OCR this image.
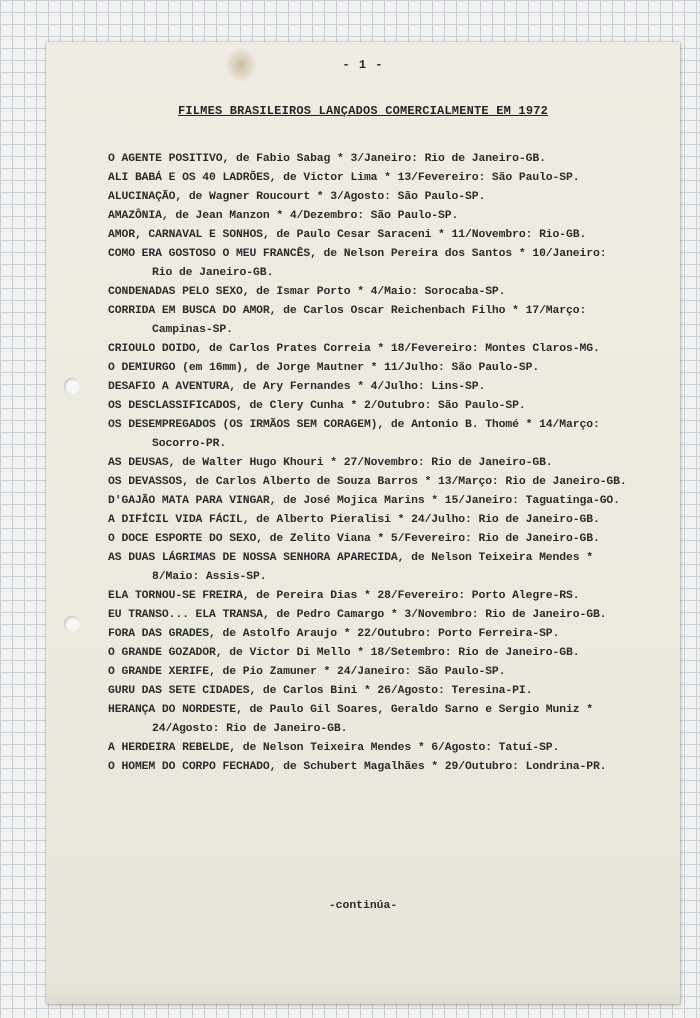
- 1 -
FILMES BRASILEIROS LANÇADOS COMERCIALMENTE EM 1972
O AGENTE POSITIVO, de Fabio Sabag * 3/Janeiro: Rio de Janeiro-GB.
ALI BABÁ E OS 40 LADRÕES, de Victor Lima * 13/Fevereiro: São Paulo-SP.
ALUCINAÇÃO, de Wagner Roucourt * 3/Agosto: São Paulo-SP.
AMAZÔNIA, de Jean Manzon * 4/Dezembro: São Paulo-SP.
AMOR, CARNAVAL E SONHOS, de Paulo Cesar Saraceni * 11/Novembro: Rio-GB.
COMO ERA GOSTOSO O MEU FRANCÊS, de Nelson Pereira dos Santos * 10/Janeiro:
Rio de Janeiro-GB.
CONDENADAS PELO SEXO, de Ismar Porto * 4/Maio: Sorocaba-SP.
CORRIDA EM BUSCA DO AMOR, de Carlos Oscar Reichenbach Filho * 17/Março:
Campinas-SP.
CRIOULO DOIDO, de Carlos Prates Correia * 18/Fevereiro: Montes Claros-MG.
O DEMIURGO (em 16mm), de Jorge Mautner * 11/Julho: São Paulo-SP.
DESAFIO A AVENTURA, de Ary Fernandes * 4/Julho: Lins-SP.
OS DESCLASSIFICADOS, de Clery Cunha * 2/Outubro: São Paulo-SP.
OS DESEMPREGADOS (OS IRMÃOS SEM CORAGEM), de Antonio B. Thomé * 14/Março:
Socorro-PR.
AS DEUSAS, de Walter Hugo Khouri * 27/Novembro: Rio de Janeiro-GB.
OS DEVASSOS, de Carlos Alberto de Souza Barros * 13/Março: Rio de Janeiro-GB.
D'GAJÃO MATA PARA VINGAR, de José Mojica Marins * 15/Janeiro: Taguatinga-GO.
A DIFÍCIL VIDA FÁCIL, de Alberto Pieralisi * 24/Julho: Rio de Janeiro-GB.
O DOCE ESPORTE DO SEXO, de Zelito Viana * 5/Fevereiro: Rio de Janeiro-GB.
AS DUAS LÁGRIMAS DE NOSSA SENHORA APARECIDA, de Nelson Teixeira Mendes *
8/Maio: Assis-SP.
ELA TORNOU-SE FREIRA, de Pereira Dias * 28/Fevereiro: Porto Alegre-RS.
EU TRANSO... ELA TRANSA, de Pedro Camargo * 3/Novembro: Rio de Janeiro-GB.
FORA DAS GRADES, de Astolfo Araujo * 22/Outubro: Porto Ferreira-SP.
O GRANDE GOZADOR, de Victor Di Mello * 18/Setembro: Rio de Janeiro-GB.
O GRANDE XERIFE, de Pio Zamuner * 24/Janeiro: São Paulo-SP.
GURU DAS SETE CIDADES, de Carlos Bini * 26/Agosto: Teresina-PI.
HERANÇA DO NORDESTE, de Paulo Gil Soares, Geraldo Sarno e Sergio Muniz *
24/Agosto: Rio de Janeiro-GB.
A HERDEIRA REBELDE, de Nelson Teixeira Mendes * 6/Agosto: Tatuí-SP.
O HOMEM DO CORPO FECHADO, de Schubert Magalhães * 29/Outubro: Londrina-PR.
-continúa-
